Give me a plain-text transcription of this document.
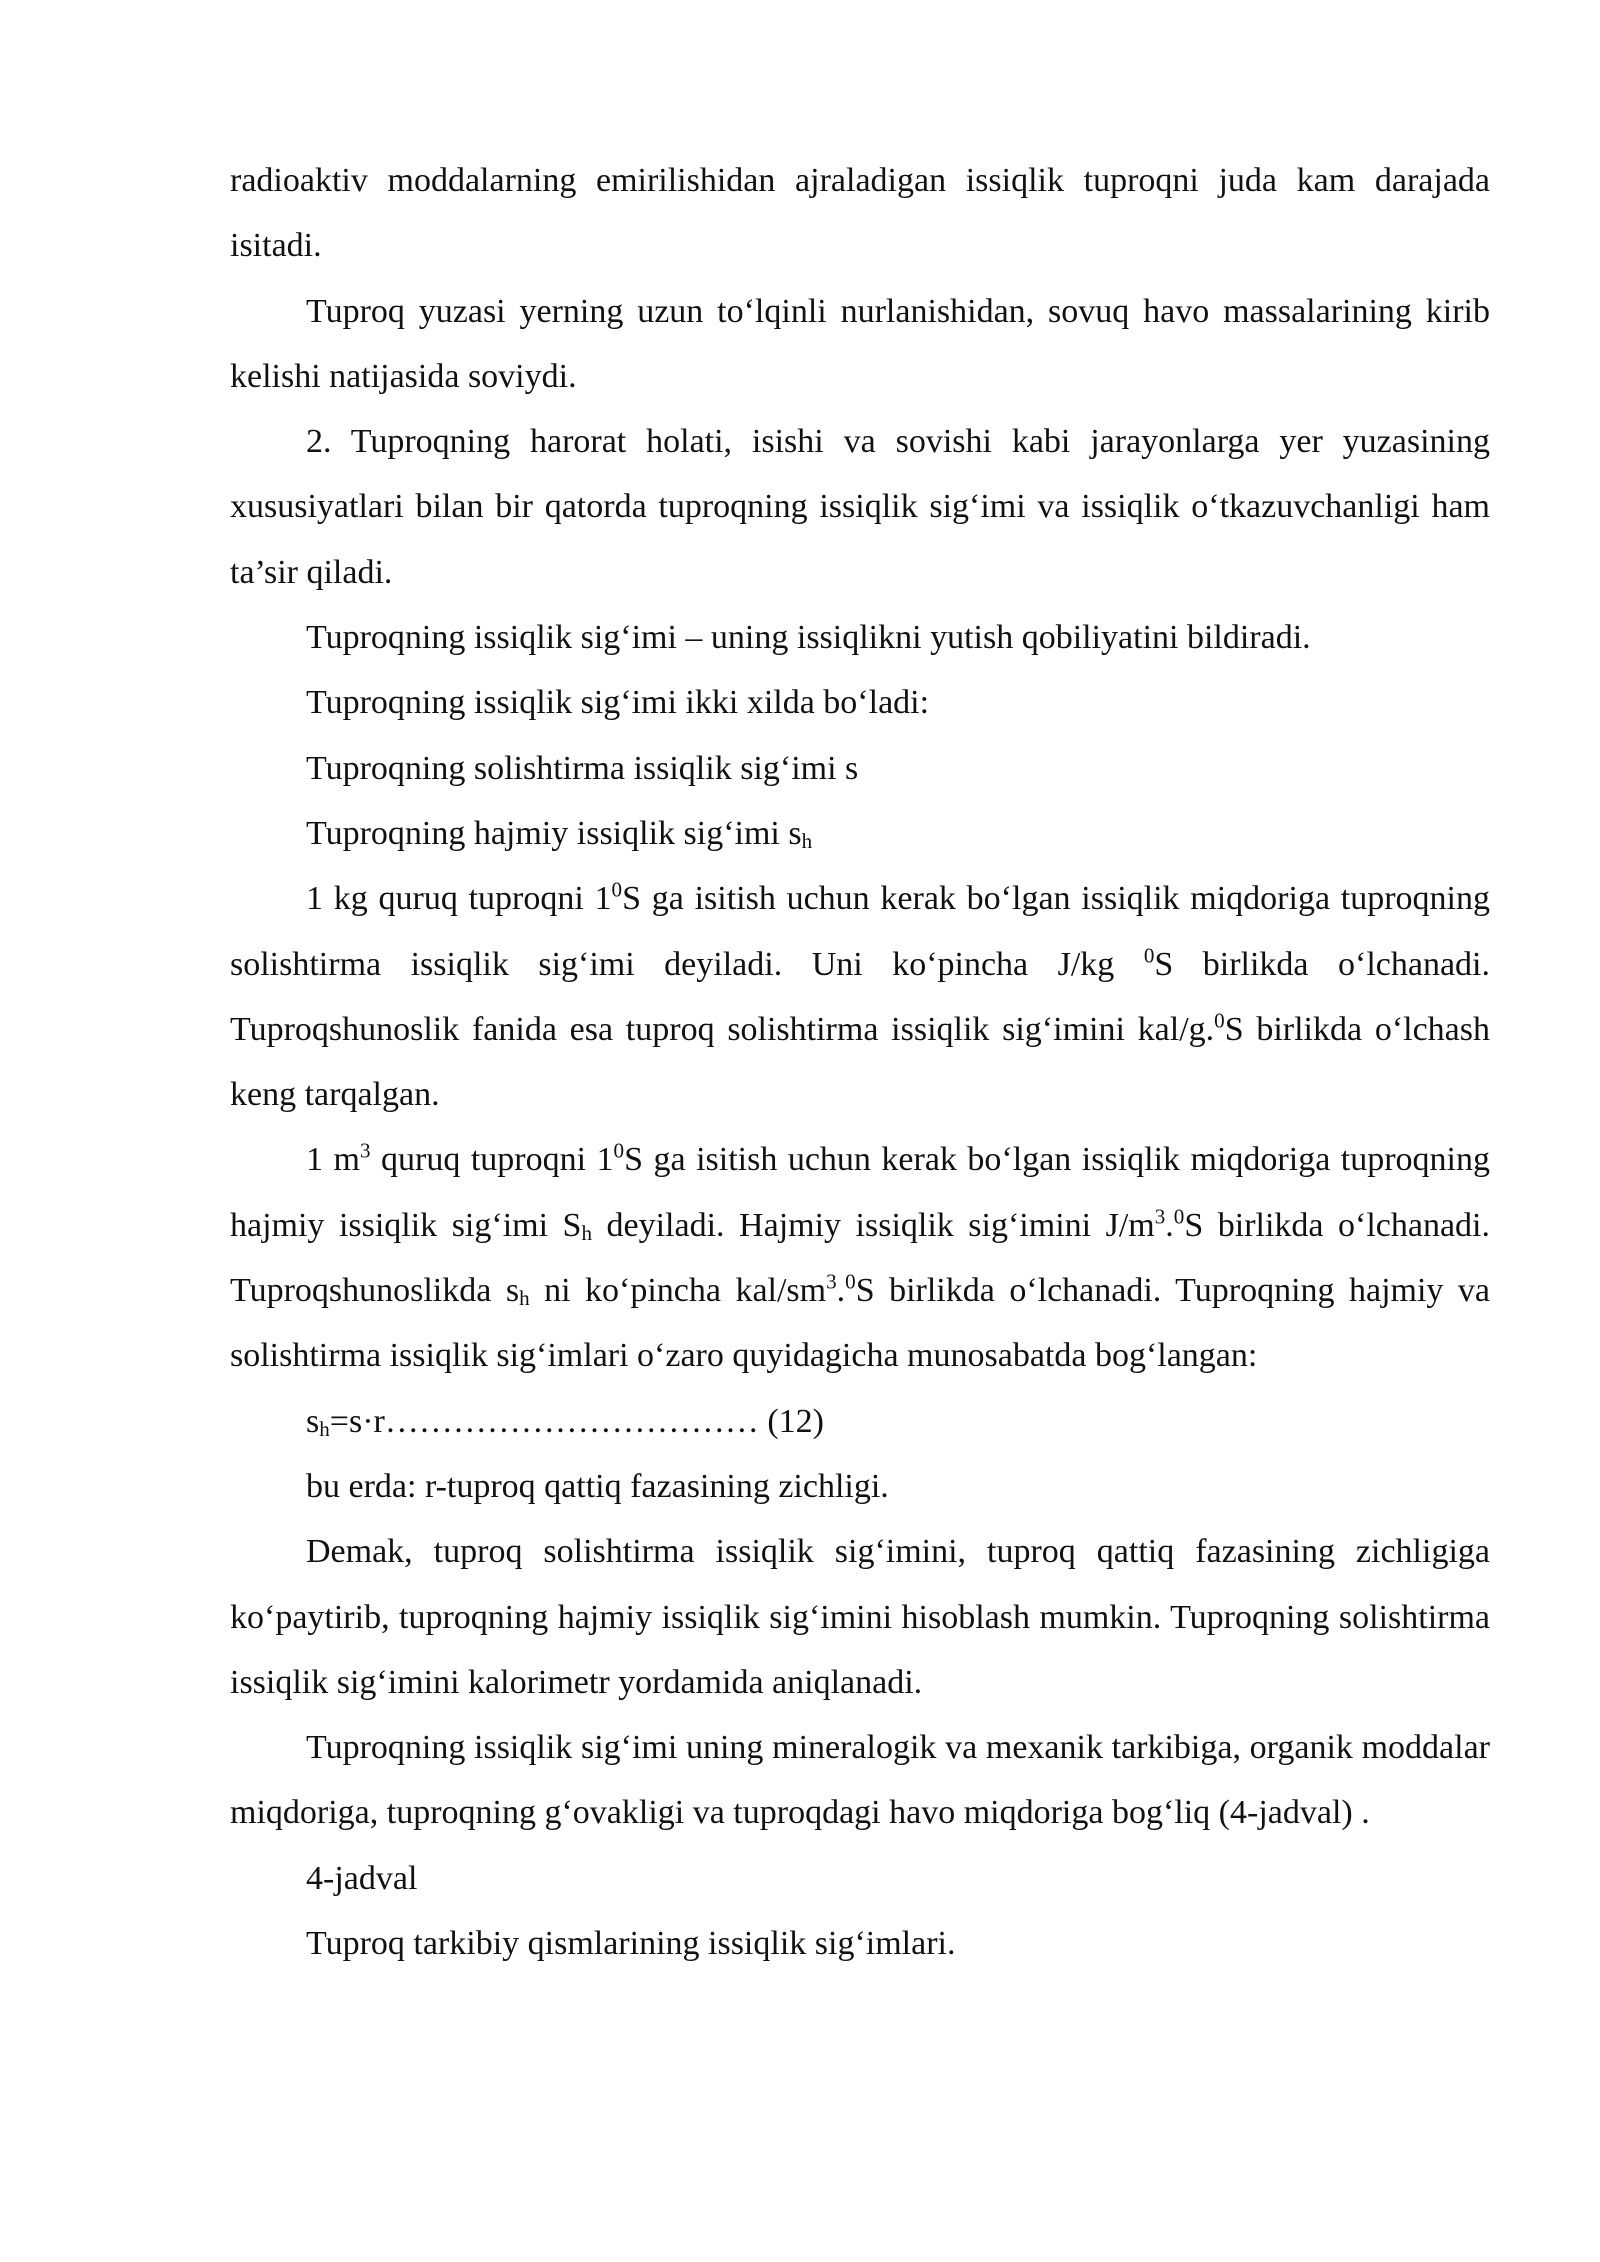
radioaktiv moddalarning emirilishidan ajraladigan issiqlik tuproqni juda kam darajada isitadi.

Tuproq yuzasi yerning uzun to‘lqinli nurlanishidan, sovuq havo massalarining kirib kelishi natijasida soviydi.

2. Tuproqning harorat holati, isishi va sovishi kabi jarayonlarga yer yuzasining xususiyatlari bilan bir qatorda tuproqning issiqlik sig‘imi va issiqlik o‘tkazuvchanligi ham ta’sir qiladi.

Tuproqning issiqlik sig‘imi – uning issiqlikni yutish qobiliyatini bildiradi.

Tuproqning issiqlik sig‘imi ikki xilda bo‘ladi:

Tuproqning solishtirma issiqlik sig‘imi s

Tuproqning hajmiy issiqlik sig‘imi $s_h$

1 kg quruq tuproqni $1^0S$ ga isitish uchun kerak bo‘lgan issiqlik miqdoriga tuproqning solishtirma issiqlik sig‘imi deyiladi. Uni ko‘pincha J/kg $^0$S birlikda o‘lchanadi. Tuproqshunoslik fanida esa tuproq solishtirma issiqlik sig‘imini kal/g.$^0$S birlikda o‘lchash keng tarqalgan.

1 $m^3$ quruq tuproqni $1^0S$ ga isitish uchun kerak bo‘lgan issiqlik miqdoriga tuproqning hajmiy issiqlik sig‘imi $S_h$ deyiladi. Hajmiy issiqlik sig‘imini $J/m^3.^0S$ birlikda o‘lchanadi. Tuproqshunoslikda $s_h$ ni ko‘pincha kal/$sm^3.^0S$ birlikda o‘lchanadi. Tuproqning hajmiy va solishtirma issiqlik sig‘imlari o‘zaro quyidagicha munosabatda bog‘langan:

$s_h=s\cdot r\dots\dots\dots\dots\dots\dots\dots\dots\dots\dots\dots$ (12)

bu erda: r-tuproq qattiq fazasining zichligi.

Demak, tuproq solishtirma issiqlik sig‘imini, tuproq qattiq fazasining zichligiga ko‘paytirib, tuproqning hajmiy issiqlik sig‘imini hisoblash mumkin. Tuproqning solishtirma issiqlik sig‘imini kalorimetr yordamida aniqlanadi.

Tuproqning issiqlik sig‘imi uning mineralogik va mexanik tarkibiga, organik moddalar miqdoriga, tuproqning g‘ovakligi va tuproqdagi havo miqdoriga bog‘liq (4-jadval) .

4-jadval

Tuproq tarkibiy qismlarining issiqlik sig‘imlari.
